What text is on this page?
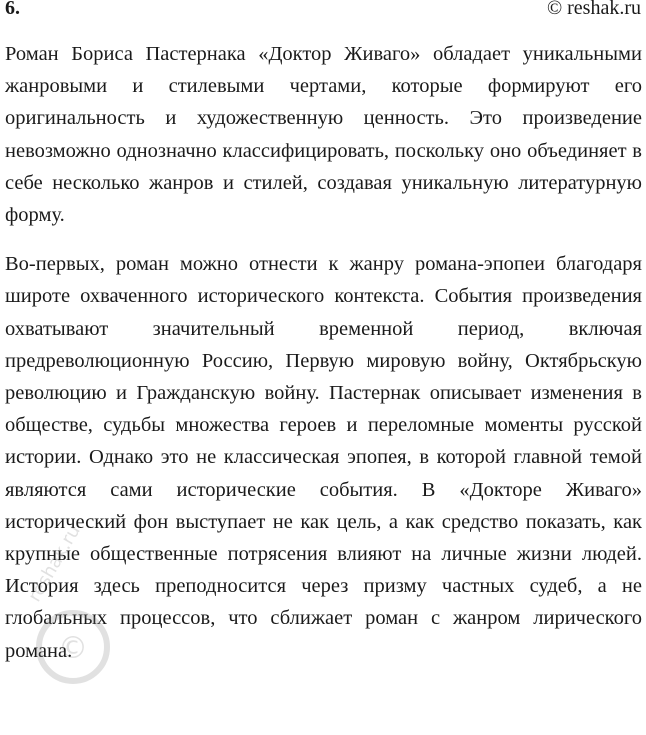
6.	© reshak.ru

Роман Бориса Пастернака «Доктор Живаго» обладает уникальными жанровыми и стилевыми чертами, которые формируют его оригинальность и художественную ценность. Это произведение невозможно однозначно классифицировать, поскольку оно объединяет в себе несколько жанров и стилей, создавая уникальную литературную форму.

Во-первых, роман можно отнести к жанру романа-эпопеи благодаря широте охваченного исторического контекста. События произведения охватывают значительный временной период, включая предреволюционную Россию, Первую мировую войну, Октябрьскую революцию и Гражданскую войну. Пастернак описывает изменения в обществе, судьбы множества героев и переломные моменты русской истории. Однако это не классическая эпопея, в которой главной темой являются сами исторические события. В «Докторе Живаго» исторический фон выступает не как цель, а как средство показать, как крупные общественные потрясения влияют на личные жизни людей. История здесь преподносится через призму частных судеб, а не глобальных процессов, что сближает роман с жанром лирического романа.

©
reshak.ru
